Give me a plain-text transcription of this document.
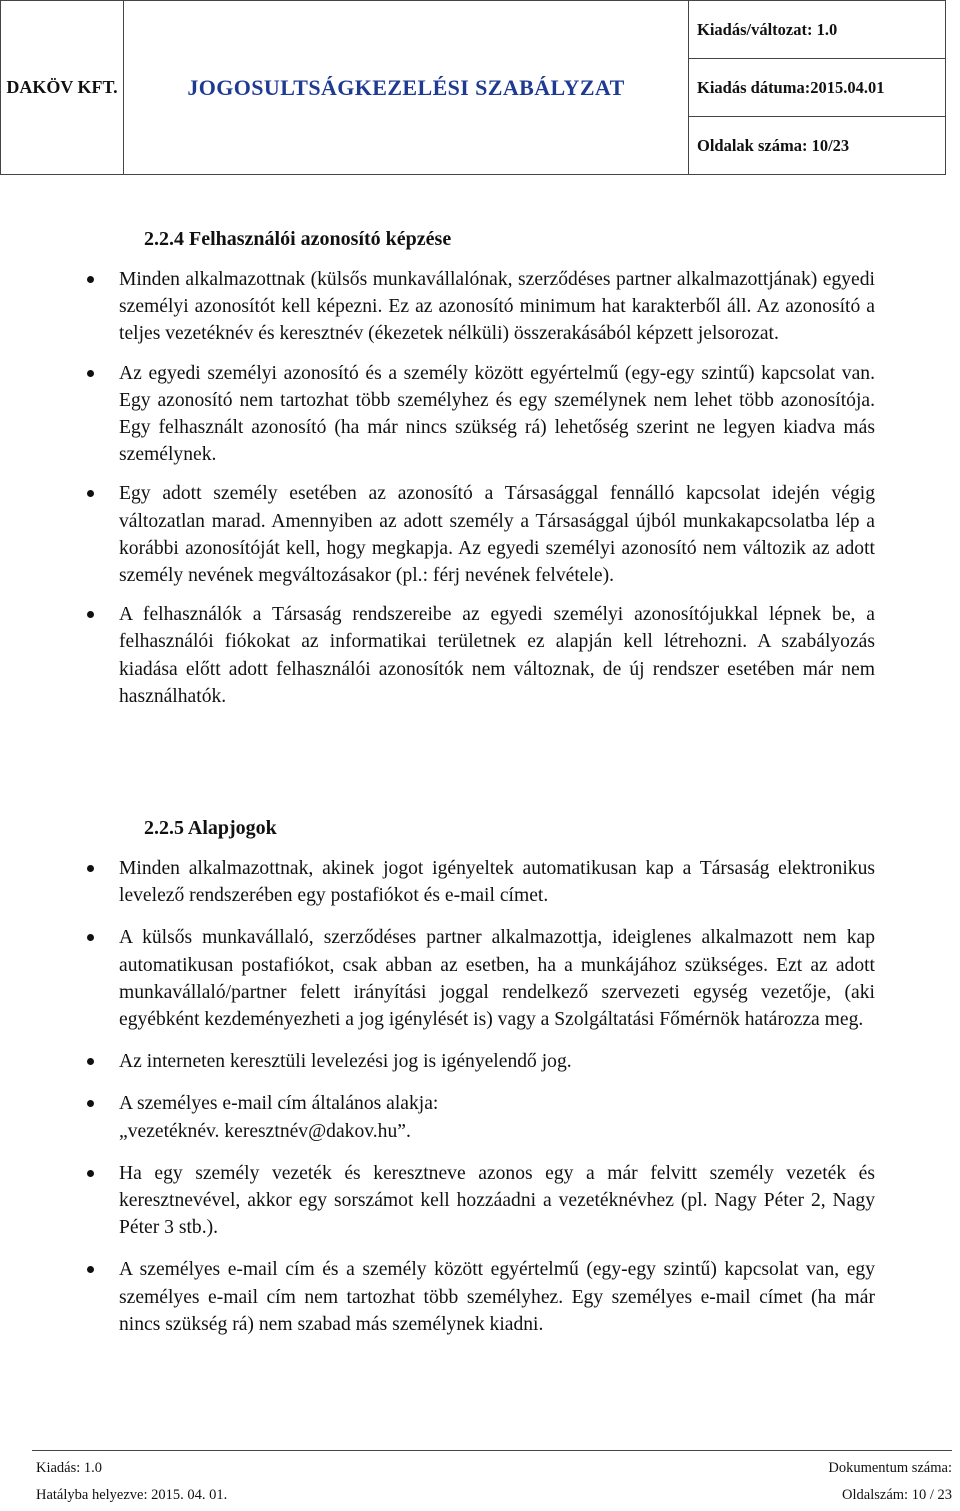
DAKÖV KFT.	JOGOSULTSÁGKEZELÉSI SZABÁLYZAT	Kiadás/változat: 1.0
Kiadás dátuma:2015.04.01
Oldalak száma: 10/23
2.2.4 Felhasználói azonosító képzése
Minden alkalmazottnak (külsős munkavállalónak, szerződéses partner alkalmazottjának) egyedi személyi azonosítót kell képezni. Ez az azonosító minimum hat karakterből áll. Az azonosító a teljes vezetéknév és keresztnév (ékezetek nélküli) összerakásából képzett jelsorozat.
Az egyedi személyi azonosító és a személy között egyértelmű (egy-egy szintű) kapcsolat van. Egy azonosító nem tartozhat több személyhez és egy személynek nem lehet több azonosítója. Egy felhasznált azonosító (ha már nincs szükség rá) lehetőség szerint ne legyen kiadva más személynek.
Egy adott személy esetében az azonosító a Társasággal fennálló kapcsolat idején végig változatlan marad. Amennyiben az adott személy a Társasággal újból munkakapcsolatba lép a korábbi azonosítóját kell, hogy megkapja. Az egyedi személyi azonosító nem változik az adott személy nevének megváltozásakor (pl.: férj nevének felvétele).
A felhasználók a Társaság rendszereibe az egyedi személyi azonosítójukkal lépnek be, a felhasználói fiókokat az informatikai területnek ez alapján kell létrehozni. A szabályozás kiadása előtt adott felhasználói azonosítók nem változnak, de új rendszer esetében már nem használhatók.
2.2.5 Alapjogok
Minden alkalmazottnak, akinek jogot igényeltek automatikusan kap a Társaság elektronikus levelező rendszerében egy postafiókot és e-mail címet.
A külsős munkavállaló, szerződéses partner alkalmazottja, ideiglenes alkalmazott nem kap automatikusan postafiókot, csak abban az esetben, ha a munkájához szükséges. Ezt az adott munkavállaló/partner felett irányítási joggal rendelkező szervezeti egység vezetője, (aki egyébként kezdeményezheti a jog igénylését is) vagy a Szolgáltatási Főmérnök határozza meg.
Az interneten keresztüli levelezési jog is igényelendő jog.
A személyes e-mail cím általános alakja:
„vezetéknév. keresztnév@dakov.hu”.
Ha egy személy vezeték és keresztneve azonos egy a már felvitt személy vezeték és keresztnevével, akkor egy sorszámot kell hozzáadni a vezetéknévhez (pl. Nagy Péter 2, Nagy Péter 3 stb.).
A személyes e-mail cím és a személy között egyértelmű (egy-egy szintű) kapcsolat van, egy személyes e-mail cím nem tartozhat több személyhez. Egy személyes e-mail címet (ha már nincs szükség rá) nem szabad más személynek kiadni.
Kiadás: 1.0
Hatályba helyezve: 2015. 04. 01.
Dokumentum száma:
Oldalszám: 10 / 23
